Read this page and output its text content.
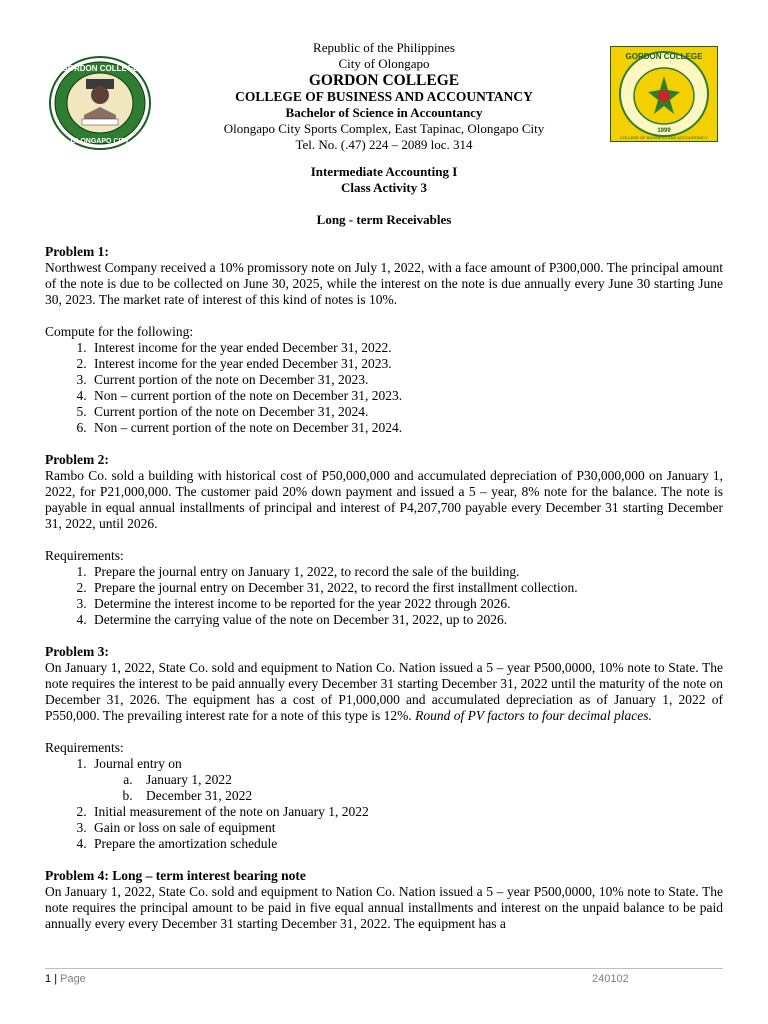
GORDON COLLEGE
OLONGAPO CITY
GORDON COLLEGE
1999
COLLEGE OF BUSINESS AND ACCOUNTANCY
Republic of the Philippines
City of Olongapo
GORDON COLLEGE
COLLEGE OF BUSINESS AND ACCOUNTANCY
Bachelor of Science in Accountancy
Olongapo City Sports Complex, East Tapinac, Olongapo City
Tel. No. (.47) 224 – 2089 loc. 314
Intermediate Accounting I
Class Activity 3
Long - term Receivables
Problem 1:
Northwest Company received a 10% promissory note on July 1, 2022, with a face amount of P300,000. The principal amount of the note is due to be collected on June 30, 2025, while the interest on the note is due annually every June 30 starting June 30, 2023. The market rate of interest of this kind of notes is 10%.
Compute for the following:
1. Interest income for the year ended December 31, 2022.
2. Interest income for the year ended December 31, 2023.
3. Current portion of the note on December 31, 2023.
4. Non – current portion of the note on December 31, 2023.
5. Current portion of the note on December 31, 2024.
6. Non – current portion of the note on December 31, 2024.
Problem 2:
Rambo Co. sold a building with historical cost of P50,000,000 and accumulated depreciation of P30,000,000 on January 1, 2022, for P21,000,000. The customer paid 20% down payment and issued a 5 – year, 8% note for the balance. The note is payable in equal annual installments of principal and interest of P4,207,700 payable every December 31 starting December 31, 2022, until 2026.
Requirements:
1. Prepare the journal entry on January 1, 2022, to record the sale of the building.
2. Prepare the journal entry on December 31, 2022, to record the first installment collection.
3. Determine the interest income to be reported for the year 2022 through 2026.
4. Determine the carrying value of the note on December 31, 2022, up to 2026.
Problem 3:
On January 1, 2022, State Co. sold and equipment to Nation Co. Nation issued a 5 – year P500,0000, 10% note to State. The note requires the interest to be paid annually every December 31 starting December 31, 2022 until the maturity of the note on December 31, 2026. The equipment has a cost of P1,000,000 and accumulated depreciation as of January 1, 2022 of P550,000. The prevailing interest rate for a note of this type is 12%. Round of PV factors to four decimal places.
Requirements:
1. Journal entry on
a. January 1, 2022
b. December 31, 2022
2. Initial measurement of the note on January 1, 2022
3. Gain or loss on sale of equipment
4. Prepare the amortization schedule
Problem 4: Long – term interest bearing note
On January 1, 2022, State Co. sold and equipment to Nation Co. Nation issued a 5 – year P500,0000, 10% note to State. The note requires the principal amount to be paid in five equal annual installments and interest on the unpaid balance to be paid annually every every December 31 starting December 31, 2022. The equipment has a
1 | Page	240102
